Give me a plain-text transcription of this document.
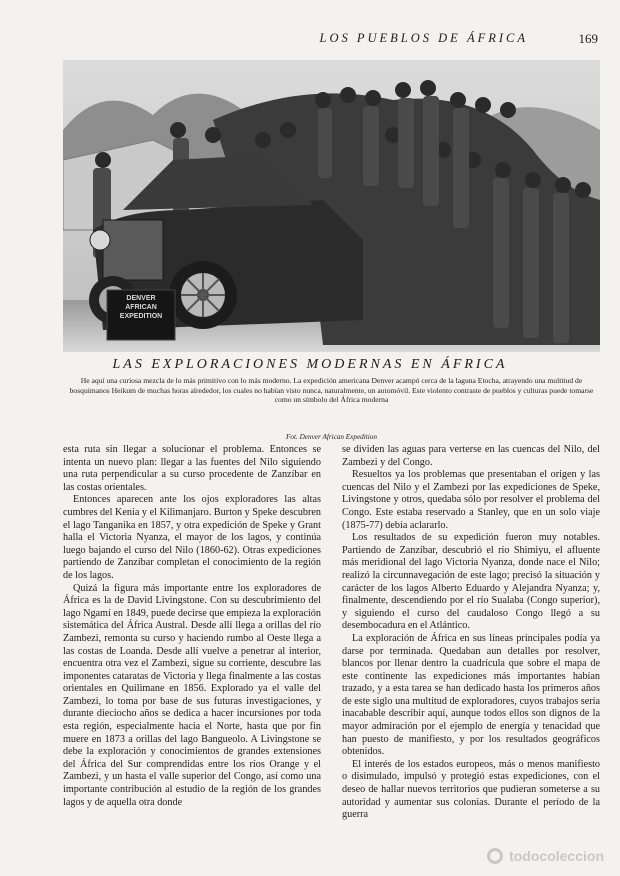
LOS PUEBLOS DE ÁFRICA	169
DENVER AFRICAN EXPEDITION
LAS EXPLORACIONES MODERNAS EN ÁFRICA
He aquí una curiosa mezcla de lo más primitivo con lo más moderno. La expedición americana Denver acampó cerca de la laguna Etocha, atrayendo una multitud de bosquimanos Heikum de muchas horas alrededor, los cuales no habían visto nunca, naturalmente, un automóvil. Este violento contraste de pueblos y culturas puede tomarse como un símbolo del África moderna
Fot. Denver African Expedition

esta ruta sin llegar a solucionar el problema. Entonces se intenta un nuevo plan: llegar a las fuentes del Nilo siguiendo una ruta perpendicular a su curso procedente de Zanzíbar en las costas orientales.

Entonces aparecen ante los ojos exploradores las altas cumbres del Kenia y el Kilimanjaro. Burton y Speke descubren el lago Tanganika en 1857, y otra expedición de Speke y Grant halla el Victoria Nyanza, el mayor de los lagos, y continúa luego bajando el curso del Nilo (1860-62). Otras expediciones partiendo de Zanzíbar completan el conocimiento de la región de los lagos.

Quizá la figura más importante entre los exploradores de África es la de David Livingstone. Con su descubrimiento del lago Ngamí en 1849, puede decirse que empieza la exploración sistemática del África Austral. Desde allí llega a orillas del río Zambezi, remonta su curso y haciendo rumbo al Oeste llega a las costas de Loanda. Desde allí vuelve a penetrar al interior, encuentra otra vez el Zambezi, sigue su corriente, descubre las imponentes cataratas de Victoria y llega finalmente a las costas orientales en Quilimane en 1856. Explorado ya el valle del Zambezi, lo toma por base de sus futuras investigaciones, y durante dieciocho años se dedica a hacer incursiones por toda esta región, especialmente hacia el Norte, hasta que por fin muere en 1873 a orillas del lago Bangueolo. A Livingstone se debe la exploración y conocimientos de grandes extensiones del África del Sur comprendidas entre los ríos Orange y el Zambezi, y un hasta el valle superior del Congo, así como una importante contribución al estudio de la región de los grandes lagos y de aquella otra donde

se dividen las aguas para verterse en las cuencas del Nilo, del Zambezi y del Congo.

Resueltos ya los problemas que presentaban el origen y las cuencas del Nilo y el Zambezi por las expediciones de Speke, Livingstone y otros, quedaba sólo por resolver el problema del Congo. Este estaba reservado a Stanley, que en un solo viaje (1875-77) debía aclararlo.

Los resultados de su expedición fueron muy notables. Partiendo de Zanzíbar, descubrió el río Shimiyu, el afluente más meridional del lago Victoria Nyanza, donde nace el Nilo; realizó la circunnavegación de este lago; precisó la situación y carácter de los lagos Alberto Eduardo y Alejandra Nyanza; y, finalmente, descendiendo por el río Sualaba (Congo superior), y siguiendo el curso del caudaloso Congo llegó a su desembocadura en el Atlántico.

La exploración de África en sus líneas principales podía ya darse por terminada. Quedaban aun detalles por resolver, blancos por llenar dentro la cuadrícula que sobre el mapa de este continente las expediciones más importantes habían trazado, y a esta tarea se han dedicado hasta los primeros años de este siglo una multitud de exploradores, cuyos trabajos sería inacabable describir aquí, aunque todos ellos son dignos de la mayor admiración por el ejemplo de energía y tenacidad que han puesto de manifiesto, y por los resultados geográficos obtenidos.

El interés de los estados europeos, más o menos manifiesto o disimulado, impulsó y protegió estas expediciones, con el deseo de hallar nuevos territorios que pudieran someterse a su autoridad y aumentar sus colonias. Durante el período de la guerra

todocoleccion
